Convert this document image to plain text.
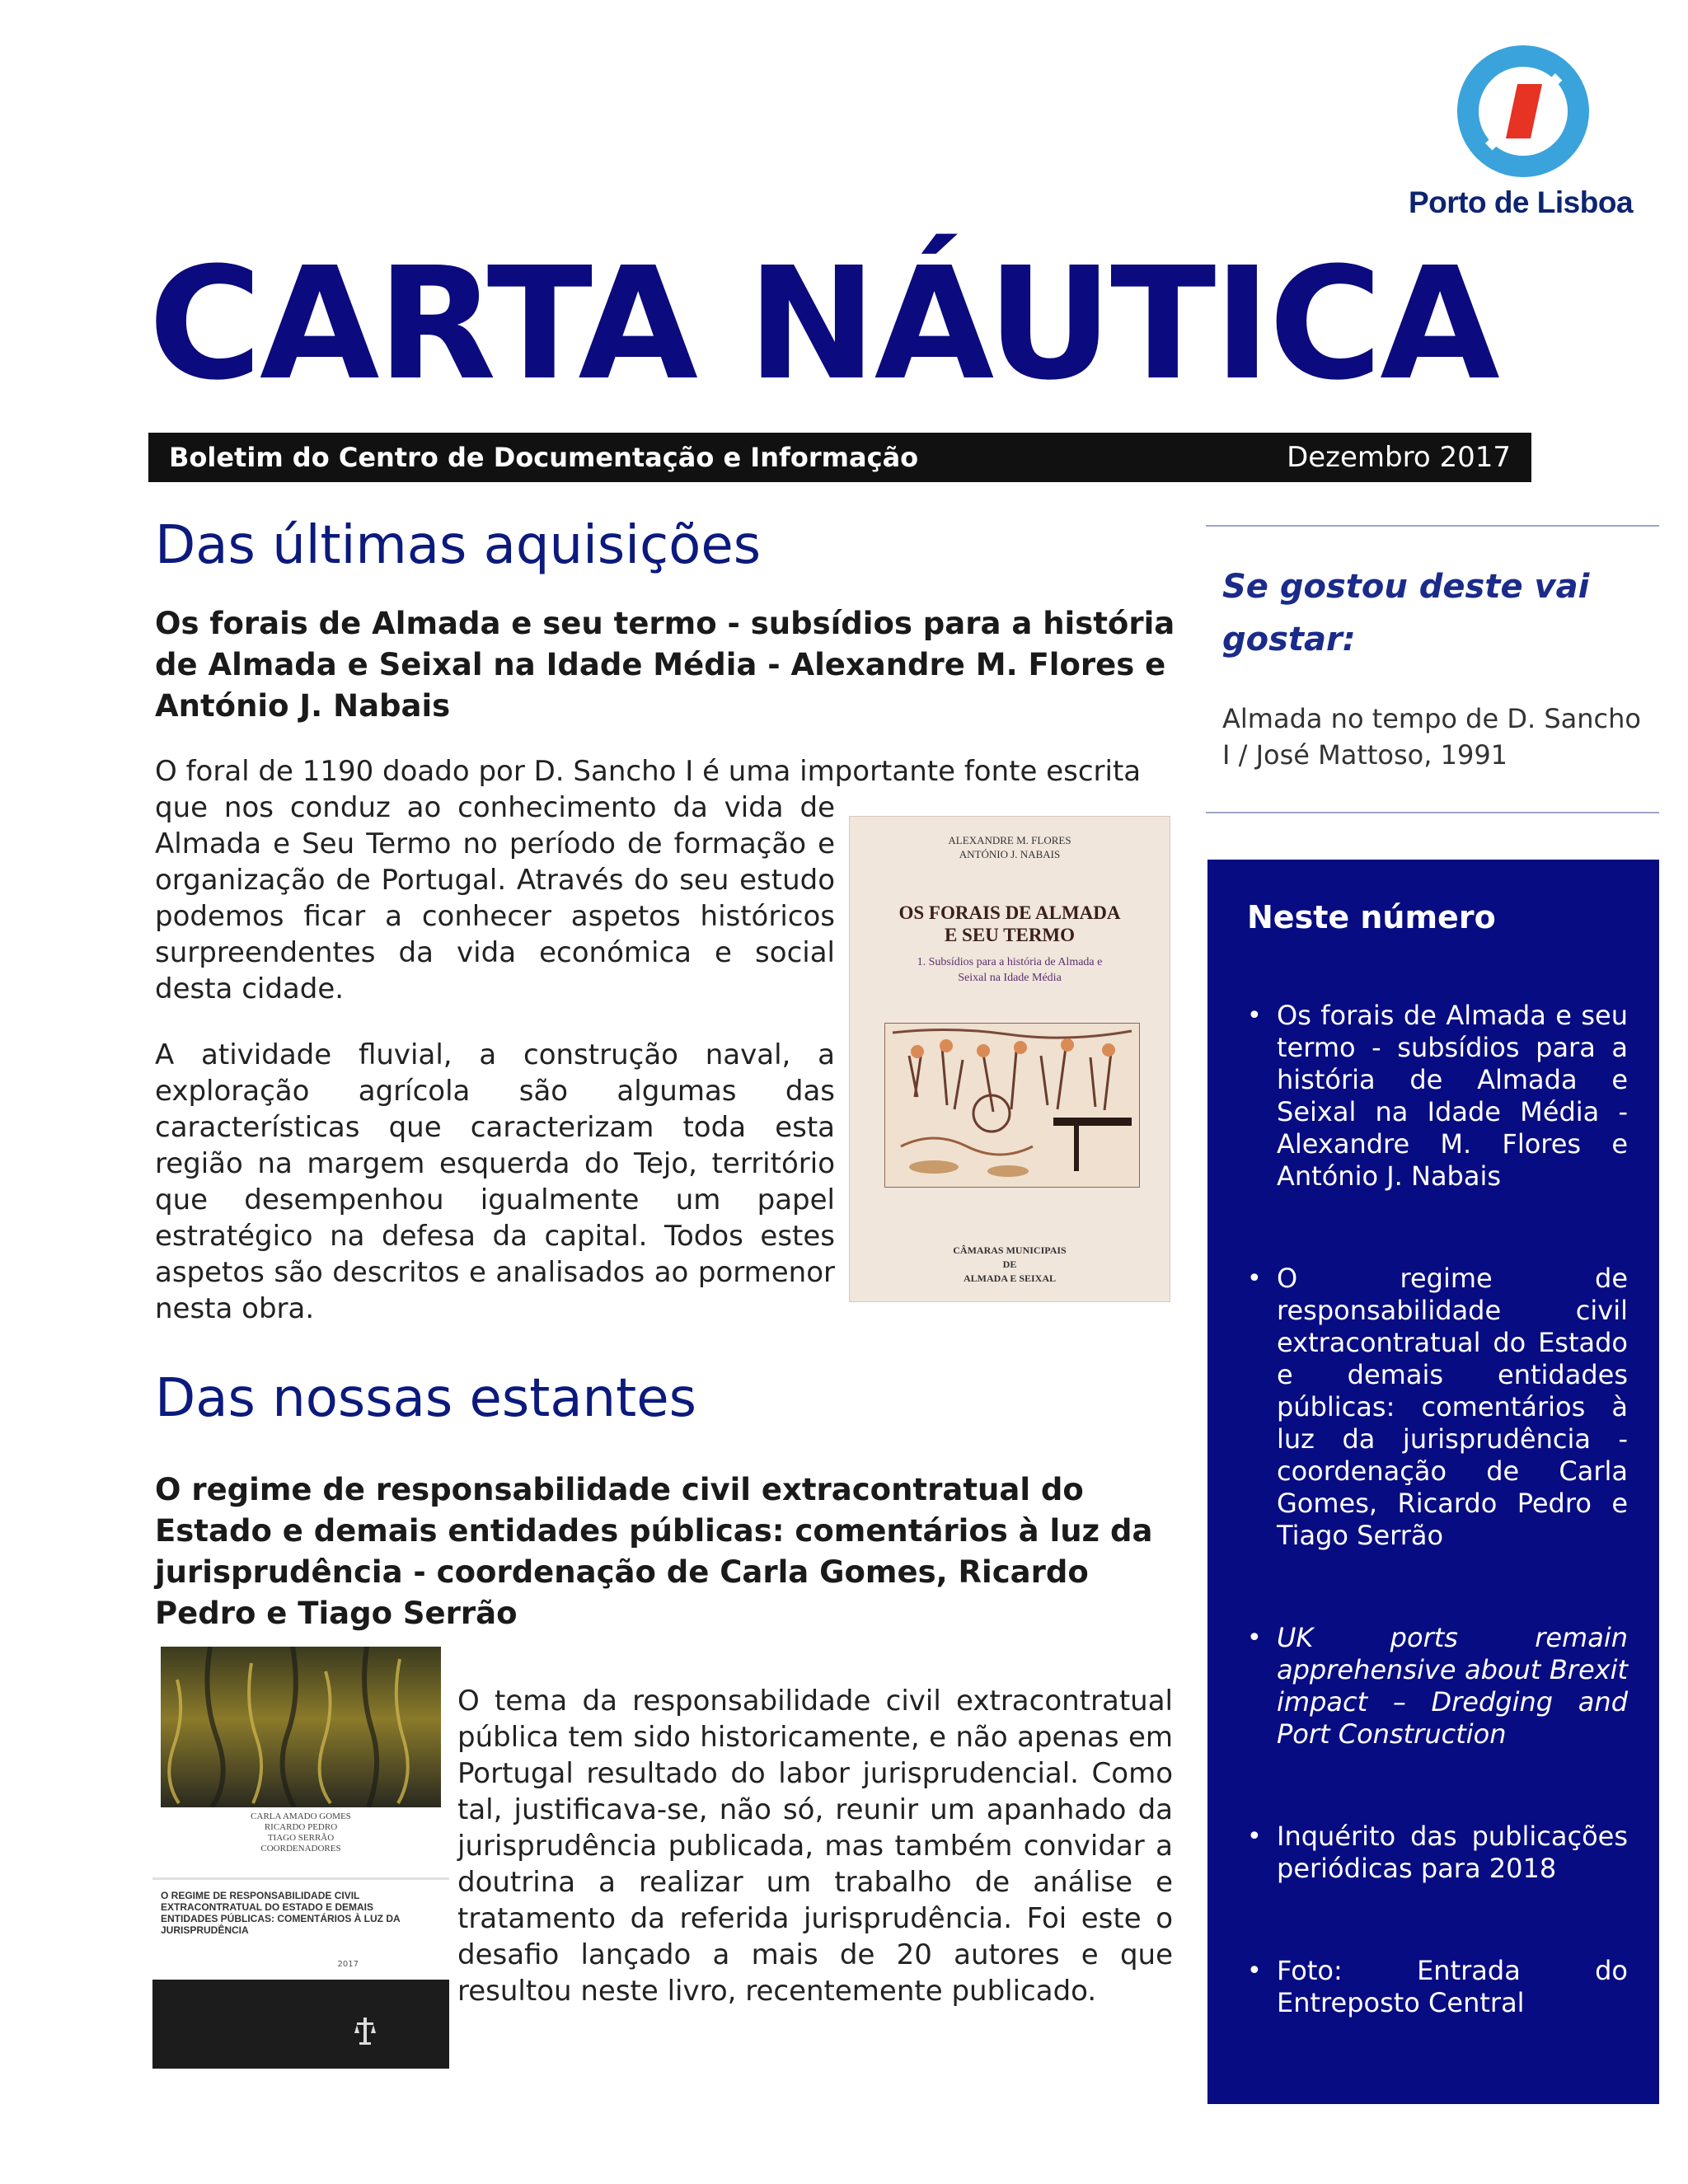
Porto de Lisboa
CARTA NÁUTICA
Boletim do Centro de Documentação e Informação	Dezembro 2017
Das últimas aquisições
Os forais de Almada e seu termo - subsídios para a história de Almada e Seixal na Idade Média - Alexandre M. Flores e António J. Nabais
O foral de 1190 doado por D. Sancho I é uma importante fonte escrita
que nos conduz ao conhecimento da vida de Almada e Seu Termo no período de formação e organização de Portugal. Através do seu estudo podemos ficar a conhecer aspetos históricos surpreendentes da vida económica e social desta cidade.
A atividade fluvial, a construção naval, a exploração agrícola são algumas das características que caracterizam toda esta região na margem esquerda do Tejo, território que desempenhou igualmente um papel estratégico na defesa da capital. Todos estes aspetos são descritos e analisados ao pormenor nesta obra.
ALEXANDRE M. FLORES
ANTÓNIO J. NABAIS
OS FORAIS DE ALMADA
E SEU TERMO
1. Subsídios para a história de Almada e
Seixal na Idade Média
CÂMARAS MUNICIPAIS
DE
ALMADA E SEIXAL
Das nossas estantes
O regime de responsabilidade civil extracontratual do Estado e demais entidades públicas: comentários à luz da jurisprudência - coordenação de Carla Gomes, Ricardo Pedro e Tiago Serrão
CARLA AMADO GOMES
RICARDO PEDRO
TIAGO SERRÃO
COORDENADORES
O REGIME DE RESPONSABILIDADE CIVIL EXTRACONTRATUAL DO ESTADO E DEMAIS ENTIDADES PÚBLICAS: COMENTÁRIOS À LUZ DA JURISPRUDÊNCIA
2017
O tema da responsabilidade civil extracontratual pública tem sido historicamente, e não apenas em Portugal resultado do labor jurisprudencial. Como tal, justificava-se, não só, reunir um apanhado da jurisprudência publicada, mas também convidar a doutrina a realizar um trabalho de análise e tratamento da referida jurisprudência. Foi este o desafio lançado a mais de 20 autores e que resultou neste livro, recentemente publicado.
Se gostou deste vai gostar:
Almada no tempo de D. Sancho I / José Mattoso, 1991
Neste número
• Os forais de Almada e seu termo - subsídios para a história de Almada e Seixal na Idade Média - Alexandre M. Flores e António J. Nabais
• O regime de responsabilidade civil extracontratual do Estado e demais entidades públicas: comentários à luz da jurisprudência - coordenação de Carla Gomes, Ricardo Pedro e Tiago Serrão
• UK ports remain apprehensive about Brexit impact – Dredging and Port Construction
• Inquérito das publicações periódicas para 2018
• Foto: Entrada do Entreposto Central
